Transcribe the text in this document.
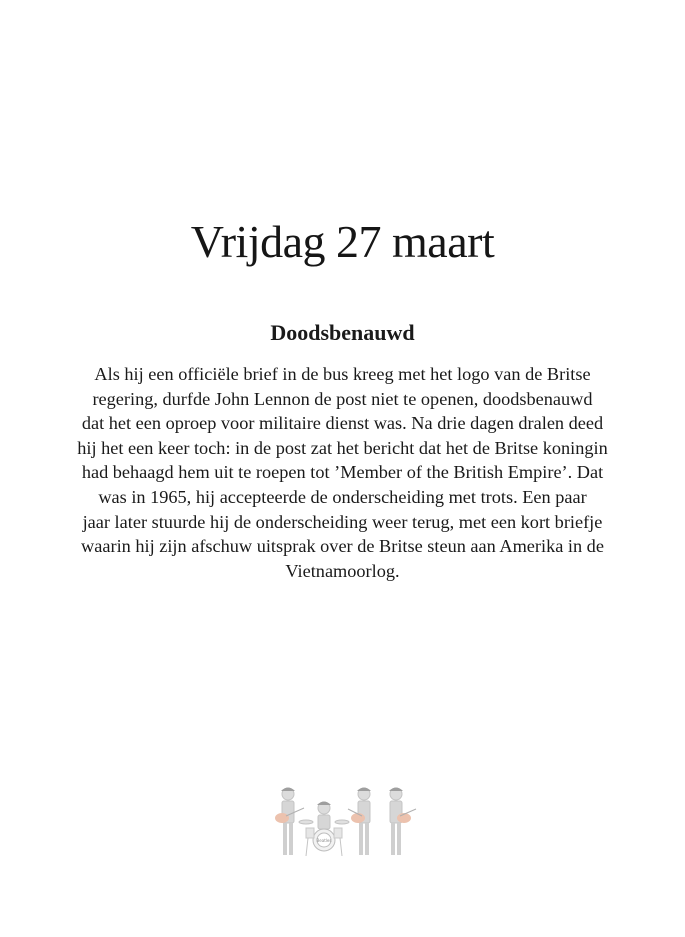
Vrijdag 27 maart
Doodsbenauwd
Als hij een officiële brief in de bus kreeg met het logo van de Britse
regering, durfde John Lennon de post niet te openen, doodsbenauwd
dat het een oproep voor militaire dienst was. Na drie dagen dralen deed
hij het een keer toch: in de post zat het bericht dat het de Britse koningin
had behaagd hem uit te roepen tot ’Member of the British Empire’. Dat
was in 1965, hij accepteerde de onderscheiding met trots. Een paar
jaar later stuurde hij de onderscheiding weer terug, met een kort briefje
waarin hij zijn afschuw uitsprak over de Britse steun aan Amerika in de
Vietnamoorlog.
Beatles
